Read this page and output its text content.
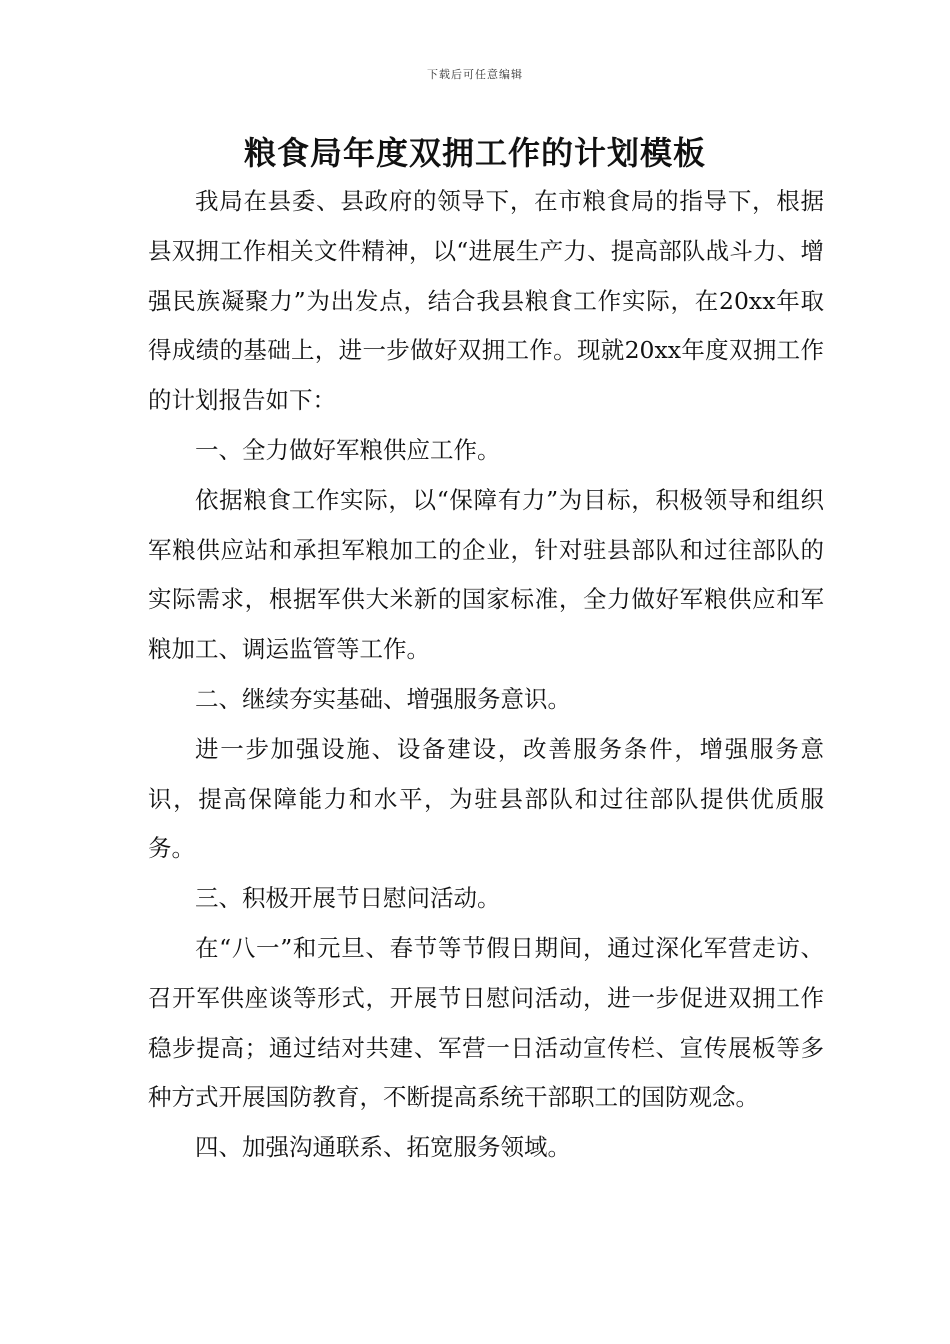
下载后可任意编辑
粮食局年度双拥工作的计划模板

我局在县委、县政府的领导下，在市粮食局的指导下，根据县双拥工作相关文件精神，以“进展生产力、提高部队战斗力、增强民族凝聚力”为出发点，结合我县粮食工作实际，在20xx年取得成绩的基础上，进一步做好双拥工作。现就20xx年度双拥工作的计划报告如下：

一、全力做好军粮供应工作。

依据粮食工作实际，以“保障有力”为目标，积极领导和组织军粮供应站和承担军粮加工的企业，针对驻县部队和过往部队的实际需求，根据军供大米新的国家标准，全力做好军粮供应和军粮加工、调运监管等工作。

二、继续夯实基础、增强服务意识。

进一步加强设施、设备建设，改善服务条件，增强服务意识，提高保障能力和水平，为驻县部队和过往部队提供优质服务。

三、积极开展节日慰问活动。

在“八一”和元旦、春节等节假日期间，通过深化军营走访、召开军供座谈等形式，开展节日慰问活动，进一步促进双拥工作稳步提高；通过结对共建、军营一日活动宣传栏、宣传展板等多种方式开展国防教育，不断提高系统干部职工的国防观念。

四、加强沟通联系、拓宽服务领域。
